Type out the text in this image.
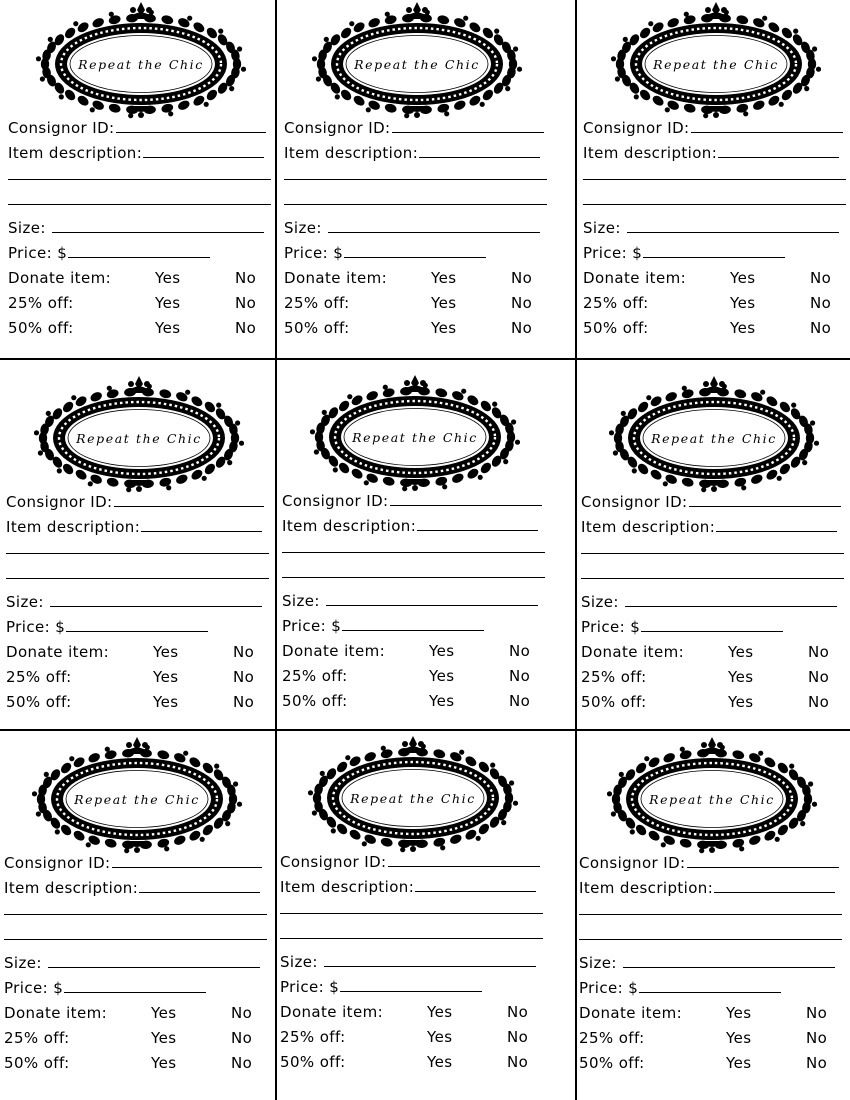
Repeat the Chic
Consignor ID:
Item description:
Size:
Price: $
Donate item:	Yes	No
25% off:	Yes	No
50% off:	Yes	No
Repeat the Chic
Consignor ID:
Item description:
Size:
Price: $
Donate item:	Yes	No
25% off:	Yes	No
50% off:	Yes	No
Repeat the Chic
Consignor ID:
Item description:
Size:
Price: $
Donate item:	Yes	No
25% off:	Yes	No
50% off:	Yes	No
Repeat the Chic
Consignor ID:
Item description:
Size:
Price: $
Donate item:	Yes	No
25% off:	Yes	No
50% off:	Yes	No
Repeat the Chic
Consignor ID:
Item description:
Size:
Price: $
Donate item:	Yes	No
25% off:	Yes	No
50% off:	Yes	No
Repeat the Chic
Consignor ID:
Item description:
Size:
Price: $
Donate item:	Yes	No
25% off:	Yes	No
50% off:	Yes	No
Repeat the Chic
Consignor ID:
Item description:
Size:
Price: $
Donate item:	Yes	No
25% off:	Yes	No
50% off:	Yes	No
Repeat the Chic
Consignor ID:
Item description:
Size:
Price: $
Donate item:	Yes	No
25% off:	Yes	No
50% off:	Yes	No
Repeat the Chic
Consignor ID:
Item description:
Size:
Price: $
Donate item:	Yes	No
25% off:	Yes	No
50% off:	Yes	No
